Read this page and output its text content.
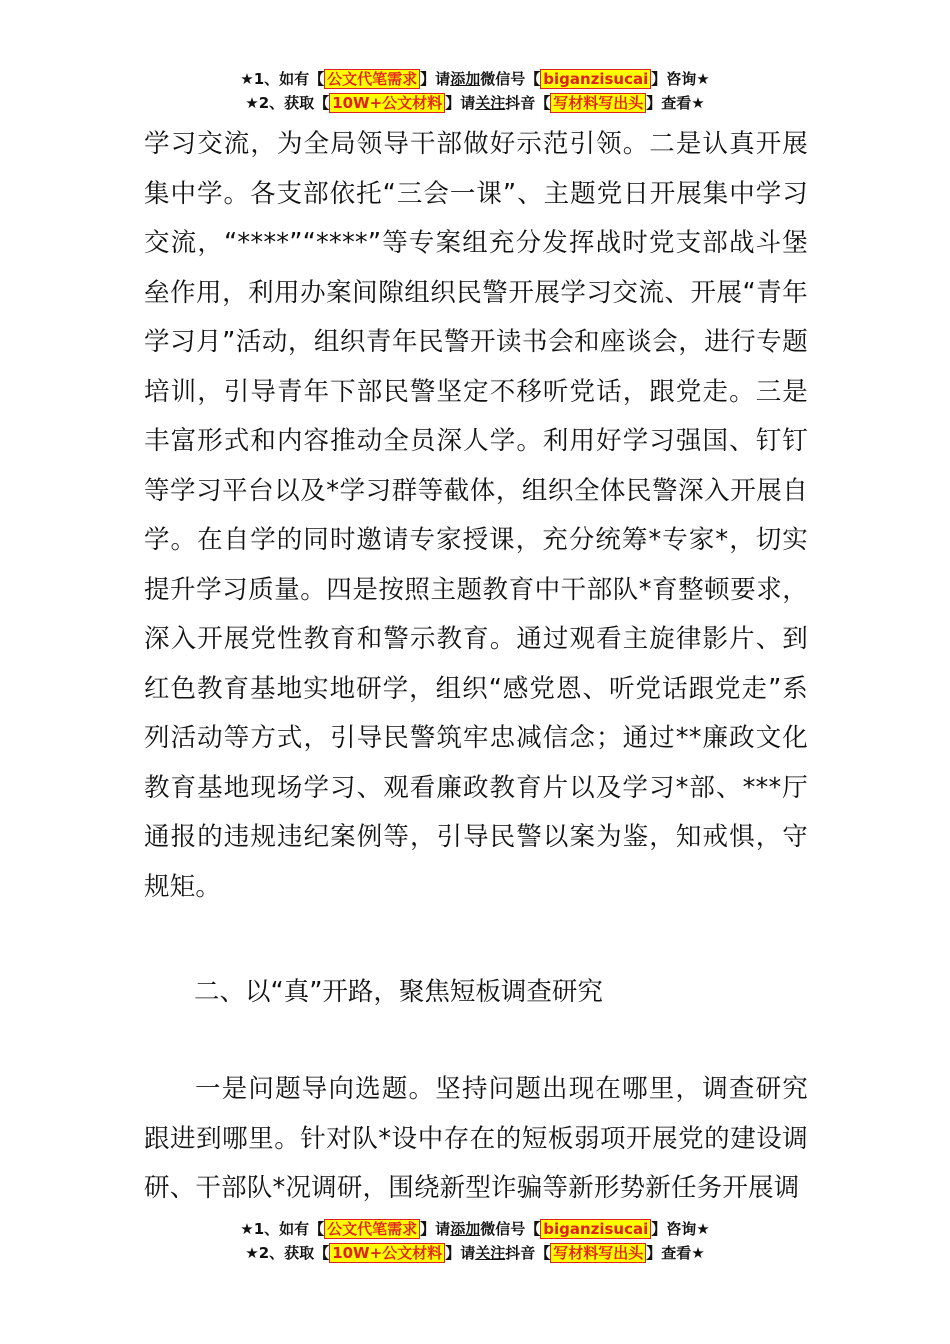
★1、如有【 公文代笔需求 】请添加微信号【 biganzisucai 】咨询★
★2、获取【 10W+公文材料 】请关注抖音【 写材料写出头 】查看★
学习交流，为全局领导干部做好示范引领。二是认真开展集中学。各支部依托“三会一课”、主题党日开展集中学习交流，“****”“****”等专案组充分发挥战时党支部战斗堡垒作用，利用办案间隙组织民警开展学习交流、开展“青年学习月”活动，组织青年民警开读书会和座谈会，进行专题培训，引导青年下部民警坚定不移听党话，跟党走。三是丰富形式和内容推动全员深人学。利用好学习强国、钉钉等学习平台以及*学习群等截体，组织全体民警深入开展自学。在自学的同时邀请专家授课，充分统筹*专家*，切实提升学习质量。四是按照主题教育中干部队*育整顿要求，深入开展党性教育和警示教育。通过观看主旋律影片、到红色教育基地实地研学，组织“感党恩、听党话跟党走”系列活动等方式，引导民警筑牢忠减信念；通过**廉政文化教育基地现场学习、观看廉政教育片以及学习*部、***厅通报的违规违纪案例等，引导民警以案为鉴，知戒惧，守规矩。
二、以“真”开路，聚焦短板调查研究
一是问题导向选题。坚持问题出现在哪里，调查研究跟进到哪里。针对队*设中存在的短板弱项开展党的建设调研、干部队*况调研，围绕新型诈骗等新形势新任务开展调
★1、如有【 公文代笔需求 】请添加微信号【 biganzisucai 】咨询★
★2、获取【 10W+公文材料 】请关注抖音【 写材料写出头 】查看★
